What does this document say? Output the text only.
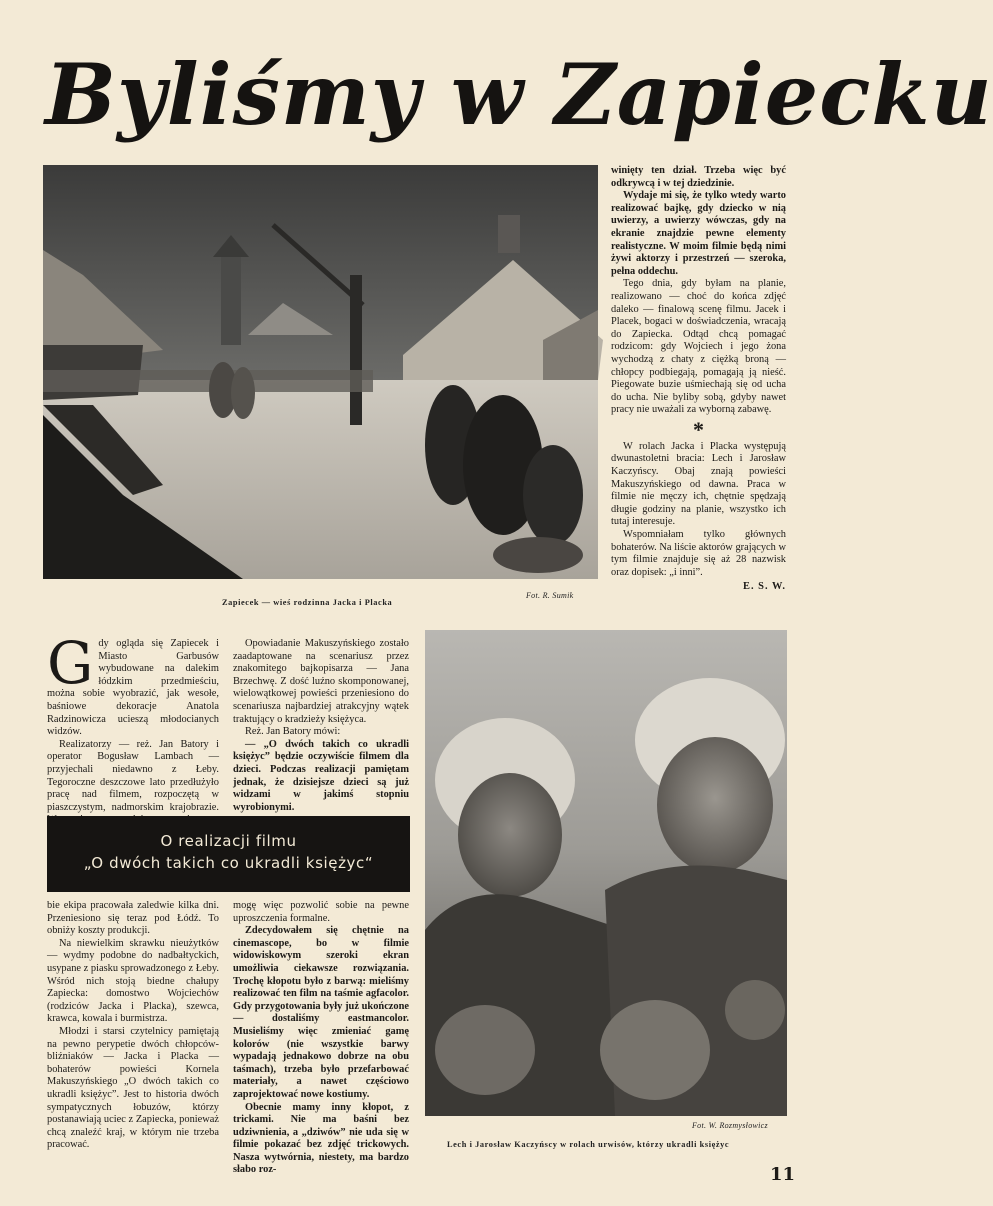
Byliśmy w Zapiecku
Zapiecek — wieś rodzinna Jacka i Placka
Fot. R. Sumik

winięty ten dział. Trzeba więc być odkrywcą i w tej dziedzinie.

Wydaje mi się, że tylko wtedy warto realizować bajkę, gdy dziecko w nią uwierzy, a uwierzy wówczas, gdy na ekranie znajdzie pewne elementy realistyczne. W moim filmie będą nimi żywi aktorzy i przestrzeń — szeroka, pełna oddechu.

Tego dnia, gdy byłam na planie, realizowano — choć do końca zdjęć daleko — finalową scenę filmu. Jacek i Placek, bogaci w doświadczenia, wracają do Zapiecka. Odtąd chcą pomagać rodzicom: gdy Wojciech i jego żona wychodzą z chaty z ciężką broną — chłopcy podbiegają, pomagają ją nieść. Piegowate buzie uśmiechają się od ucha do ucha. Nie byliby sobą, gdyby nawet pracy nie uważali za wyborną zabawę.

*

W rolach Jacka i Placka występują dwunastoletni bracia: Lech i Jarosław Kaczyńscy. Obaj znają powieści Makuszyńskiego od dawna. Praca w filmie nie męczy ich, chętnie spędzają długie godziny na planie, wszystko ich tutaj interesuje.

Wspomniałam tylko głównych bohaterów. Na liście aktorów grających w tym filmie znajduje się aż 28 nazwisk oraz dopisek: „i inni”.

E. S. W.

Gdy ogląda się Zapiecek i Miasto Garbusów wybudowane na dalekim łódzkim przedmieściu, można sobie wyobrazić, jak wesołe, baśniowe dekoracje Anatola Radzinowicza ucieszą młodocianych widzów.

Realizatorzy — reż. Jan Batory i operator Bogusław Lambach — przyjechali niedawno z Łeby. Tegoroczne deszczowe lato przedłużyło pracę nad filmem, rozpoczętą w piaszczystym, nadmorskim krajobrazie.

Opowiadanie Makuszyńskiego zostało zaadaptowane na scenariusz przez znakomitego bajkopisarza — Jana Brzechwę. Z dość luźno skomponowanej, wielowątkowej powieści przeniesiono do scenariusza najbardziej atrakcyjny wątek traktujący o kradzieży księżyca.

Reż. Jan Batory mówi:

— „O dwóch takich co ukradli księżyc” będzie oczywiście filmem dla dzieci. Podczas realizacji pamiętam jednak, że dzisiejsze dzieci są już widzami w jakimś stopniu wyrobionymi.

O realizacji filmu
„O dwóch takich co ukradli księżyc“

bie ekipa pracowała zaledwie kilka dni. Przeniesiono się teraz pod Łódź. To obniży koszty produkcji.

Na niewielkim skrawku nieużytków — wydmy podobne do nadbałtyckich, usypane z piasku sprowadzonego z Łeby. Wśród nich stoją biedne chałupy Zapiecka: domostwo Wojciechów (rodziców Jacka i Placka), szewca, krawca, kowala i burmistrza.

Młodzi i starsi czytelnicy pamiętają na pewno perypetie dwóch chłopców-bliźniaków — Jacka i Placka — bohaterów powieści Kornela Makuszyńskiego „O dwóch takich co ukradli księżyc”. Jest to historia dwóch sympatycznych łobuzów, którzy postanawiają uciec z Zapiecka, ponieważ chcą znaleźć kraj, w którym nie trzeba pracować.

mogę więc pozwolić sobie na pewne uproszczenia formalne.

Zdecydowałem się chętnie na cinemascope, bo w filmie widowiskowym szeroki ekran umożliwia ciekawsze rozwiązania. Trochę kłopotu było z barwą: mieliśmy realizować ten film na taśmie agfacolor. Gdy przygotowania były już ukończone — dostaliśmy eastmancolor. Musieliśmy więc zmieniać gamę kolorów (nie wszystkie barwy wypadają jednakowo dobrze na obu taśmach), trzeba było przefarbować materiały, a nawet częściowo zaprojektować nowe kostiumy.

Obecnie mamy inny kłopot, z trickami. Nie ma baśni bez udziwnienia, a „dziwów” nie uda się w filmie pokazać bez zdjęć trickowych. Nasza wytwórnia, niestety, ma bardzo słabo roz-

Fot. W. Rozmysłowicz
Lech i Jarosław Kaczyńscy w rolach urwisów, którzy ukradli księżyc
11
